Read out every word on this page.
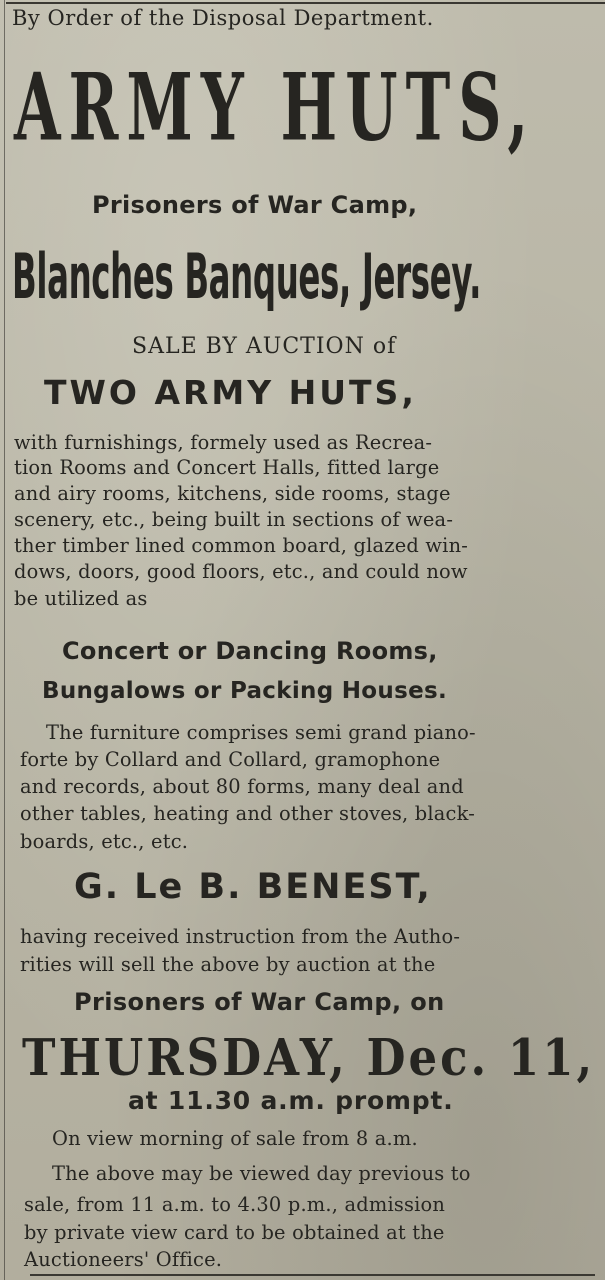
By Order of the Disposal Department.
ARMY HUTS,
Prisoners of War Camp,
Blanches Banques, Jersey.
SALE BY AUCTION of
TWO ARMY HUTS,
with furnishings, formely used as Recrea-
tion Rooms and Concert Halls, fitted large
and airy rooms, kitchens, side rooms, stage
scenery, etc., being built in sections of wea-
ther timber lined common board, glazed win-
dows, doors, good floors, etc., and could now
be utilized as
Concert or Dancing Rooms,
Bungalows or Packing Houses.
The furniture comprises semi grand piano-
forte by Collard and Collard, gramophone
and records, about 80 forms, many deal and
other tables, heating and other stoves, black-
boards, etc., etc.
G. Le B. BENEST,
having received instruction from the Autho-
rities will sell the above by auction at the
Prisoners of War Camp, on
THURSDAY, Dec. 11,
at 11.30 a.m. prompt.
On view morning of sale from 8 a.m.
The above may be viewed day previous to
sale, from 11 a.m. to 4.30 p.m., admission
by private view card to be obtained at the
Auctioneers' Office.
